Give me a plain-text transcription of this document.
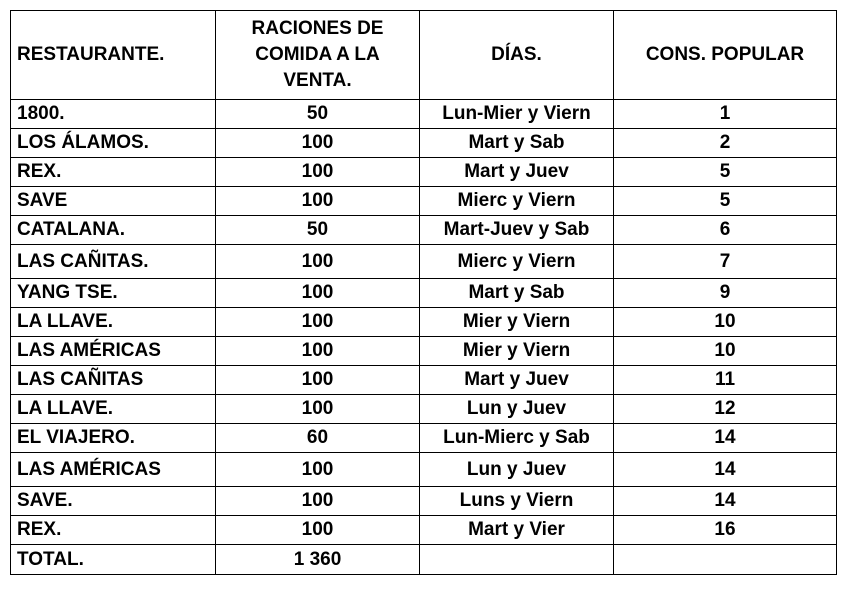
RESTAURANTE.	RACIONES DE
COMIDA A LA
VENTA.	DÍAS.	CONS. POPULAR
1800.	50	Lun-Mier y Viern	1
LOS ÁLAMOS.	100	Mart y Sab	2
REX.	100	Mart y Juev	5
SAVE	100	Mierc y Viern	5
CATALANA.	50	Mart-Juev y Sab	6
LAS CAÑITAS.	100	Mierc y Viern	7
YANG TSE.	100	Mart y Sab	9
LA LLAVE.	100	Mier y Viern	10
LAS AMÉRICAS	100	Mier y Viern	10
LAS CAÑITAS	100	Mart y Juev	11
LA LLAVE.	100	Lun y Juev	12
EL VIAJERO.	60	Lun-Mierc y Sab	14
LAS AMÉRICAS	100	Lun y Juev	14
SAVE.	100	Luns y Viern	14
REX.	100	Mart y Vier	16
TOTAL.	1 360		
